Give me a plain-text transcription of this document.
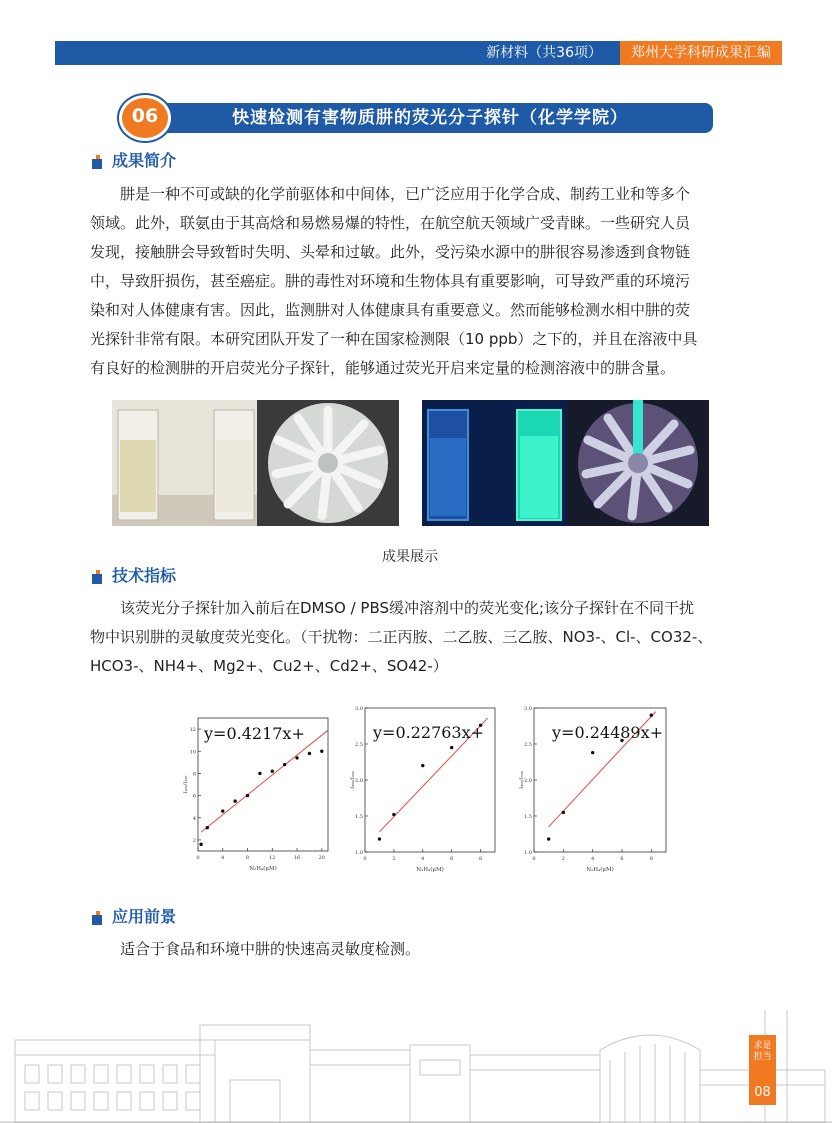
新材料（共36项） 郑州大学科研成果汇编
快速检测有害物质肼的荧光分子探针（化学学院）
06
成果简介

肼是一种不可或缺的化学前驱体和中间体，已广泛应用于化学合成、制药工业和等多个

领域。此外，联氨由于其高焓和易燃易爆的特性，在航空航天领域广受青睐。一些研究人员

发现，接触肼会导致暂时失明、头晕和过敏。此外，受污染水源中的肼很容易渗透到食物链

中，导致肝损伤，甚至癌症。肼的毒性对环境和生物体具有重要影响，可导致严重的环境污

染和对人体健康有害。因此，监测肼对人体健康具有重要意义。然而能够检测水相中肼的荧

光探针非常有限。本研究团队开发了一种在国家检测限（10 ppb）之下的，并且在溶液中具

有良好的检测肼的开启荧光分子探针，能够通过荧光开启来定量的检测溶液中的肼含量。

成果展示
技术指标

该荧光分子探针加入前后在DMSO / PBS缓冲溶剂中的荧光变化;该分子探针在不同干扰

物中识别肼的灵敏度荧光变化。（干扰物：二正丙胺、二乙胺、三乙胺、NO3-、Cl-、CO32-、

HCO3-、NH4+、Mg2+、Cu2+、Cd2+、SO42-）

0	4	8	12	16	20
2
4
6
8
10
12
N₂H₄(μM)
I₄₅₆/I₃₉₆
y=0.4217x+
0	2	4	6	8
1.0
1.5
2.0
2.5
3.0
N₂H₄(μM)
I₄₅₆/I₃₉₆
y=0.22763x+
0	2	4	6	8
1.0
1.5
2.0
2.5
3.0
N₂H₄(μM)
I₄₅₆/I₃₉₆
y=0.24489x+
应用前景
适合于食品和环境中肼的快速高灵敏度检测。
求是担当
08
